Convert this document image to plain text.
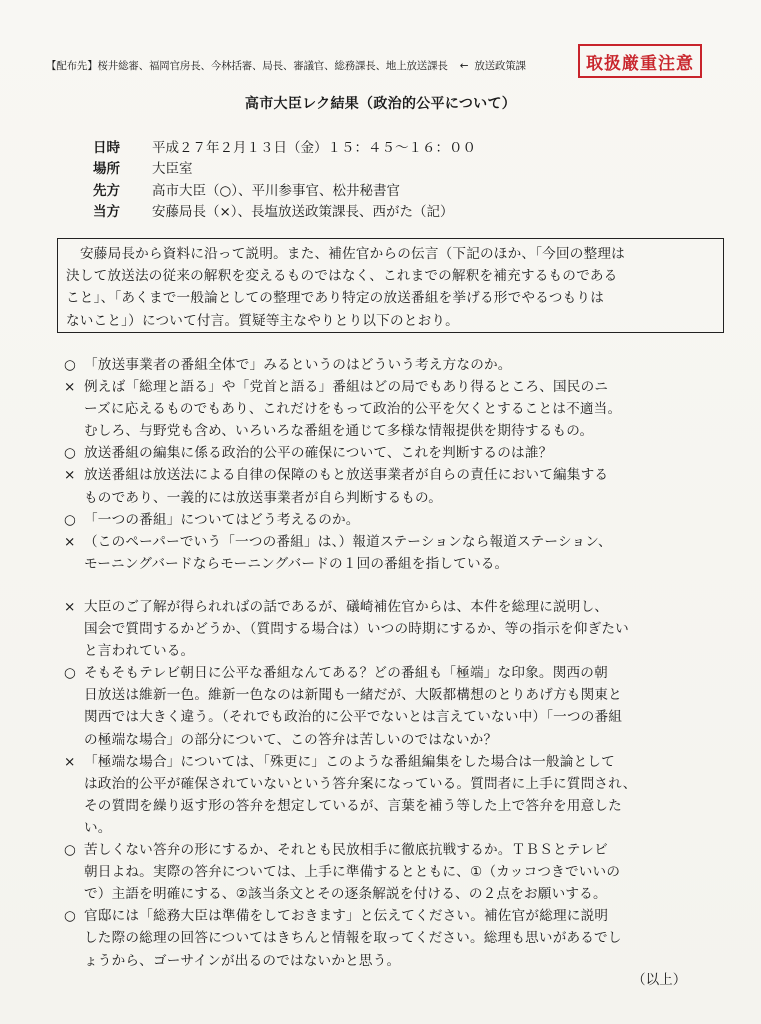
【配布先】桜井総審、福岡官房長、今林括審、局長、審議官、総務課長、地上放送課長 ← 放送政策課	取扱厳重注意
高市大臣レク結果（政治的公平について）
日時	平成２７年２月１３日（金）１５：４５〜１６：００
場所	大臣室
先方	高市大臣（○）、平川参事官、松井秘書官
当方	安藤局長（×）、長塩放送政策課長、西がた（記）
安藤局長から資料に沿って説明。また、補佐官からの伝言（下記のほか、「今回の整理は
決して放送法の従来の解釈を変えるものではなく、これまでの解釈を補充するものである
こと」、「あくまで一般論としての整理であり特定の放送番組を挙げる形でやるつもりは
ないこと」）について付言。質疑等主なやりとり以下のとおり。
○ 「放送事業者の番組全体で」みるというのはどういう考え方なのか。
× 例えば「総理と語る」や「党首と語る」番組はどの局でもあり得るところ、国民のニ
ーズに応えるものでもあり、これだけをもって政治的公平を欠くとすることは不適当。
むしろ、与野党も含め、いろいろな番組を通じて多様な情報提供を期待するもの。
○ 放送番組の編集に係る政治的公平の確保について、これを判断するのは誰？
× 放送番組は放送法による自律の保障のもと放送事業者が自らの責任において編集する
ものであり、一義的には放送事業者が自ら判断するもの。
○ 「一つの番組」についてはどう考えるのか。
× （このペーパーでいう「一つの番組」は、）報道ステーションなら報道ステーション、
モーニングバードならモーニングバードの１回の番組を指している。
× 大臣のご了解が得られればの話であるが、礒崎補佐官からは、本件を総理に説明し、
国会で質問するかどうか、（質問する場合は）いつの時期にするか、等の指示を仰ぎたい
と言われている。
○ そもそもテレビ朝日に公平な番組なんてある？どの番組も「極端」な印象。関西の朝
日放送は維新一色。維新一色なのは新聞も一緒だが、大阪都構想のとりあげ方も関東と
関西では大きく違う。（それでも政治的に公平でないとは言えていない中）「一つの番組
の極端な場合」の部分について、この答弁は苦しいのではないか？
× 「極端な場合」については、「殊更に」このような番組編集をした場合は一般論として
は政治的公平が確保されていないという答弁案になっている。質問者に上手に質問され、
その質問を繰り返す形の答弁を想定しているが、言葉を補う等した上で答弁を用意した
い。
○ 苦しくない答弁の形にするか、それとも民放相手に徹底抗戦するか。ＴＢＳとテレビ
朝日よね。実際の答弁については、上手に準備するとともに、①（カッコつきでいいの
で）主語を明確にする、②該当条文とその逐条解説を付ける、の２点をお願いする。
○ 官邸には「総務大臣は準備をしておきます」と伝えてください。補佐官が総理に説明
した際の総理の回答についてはきちんと情報を取ってください。総理も思いがあるでし
ょうから、ゴーサインが出るのではないかと思う。
（以上）
